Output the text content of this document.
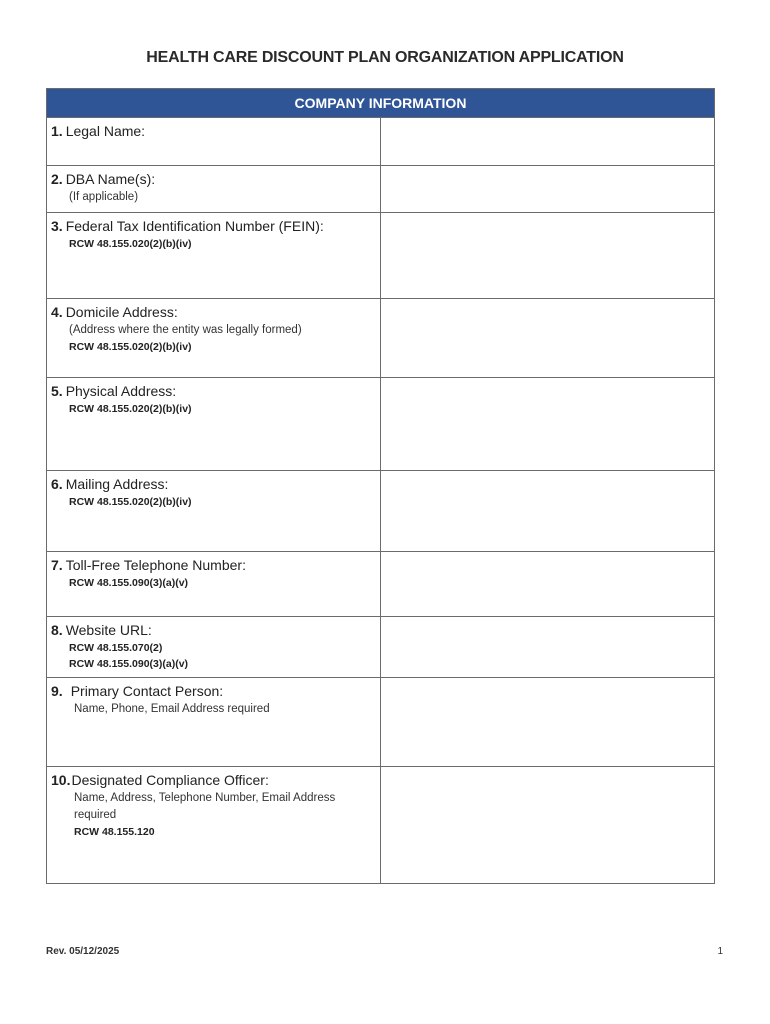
HEALTH CARE DISCOUNT PLAN ORGANIZATION APPLICATION
COMPANY INFORMATION	

1. Legal Name:	

2. DBA Name(s):
(If applicable)	

3. Federal Tax Identification Number (FEIN):
RCW 48.155.020(2)(b)(iv)	

4. Domicile Address:
(Address where the entity was legally formed)
RCW 48.155.020(2)(b)(iv)	

5. Physical Address:
RCW 48.155.020(2)(b)(iv)	

6. Mailing Address:
RCW 48.155.020(2)(b)(iv)	

7. Toll-Free Telephone Number:
RCW 48.155.090(3)(a)(v)	

8. Website URL:
RCW 48.155.070(2)
RCW 48.155.090(3)(a)(v)	

9. Primary Contact Person:
Name, Phone, Email Address required	

10. Designated Compliance Officer:
Name, Address, Telephone Number, Email Address required
RCW 48.155.120	

Rev. 05/12/2025	1
